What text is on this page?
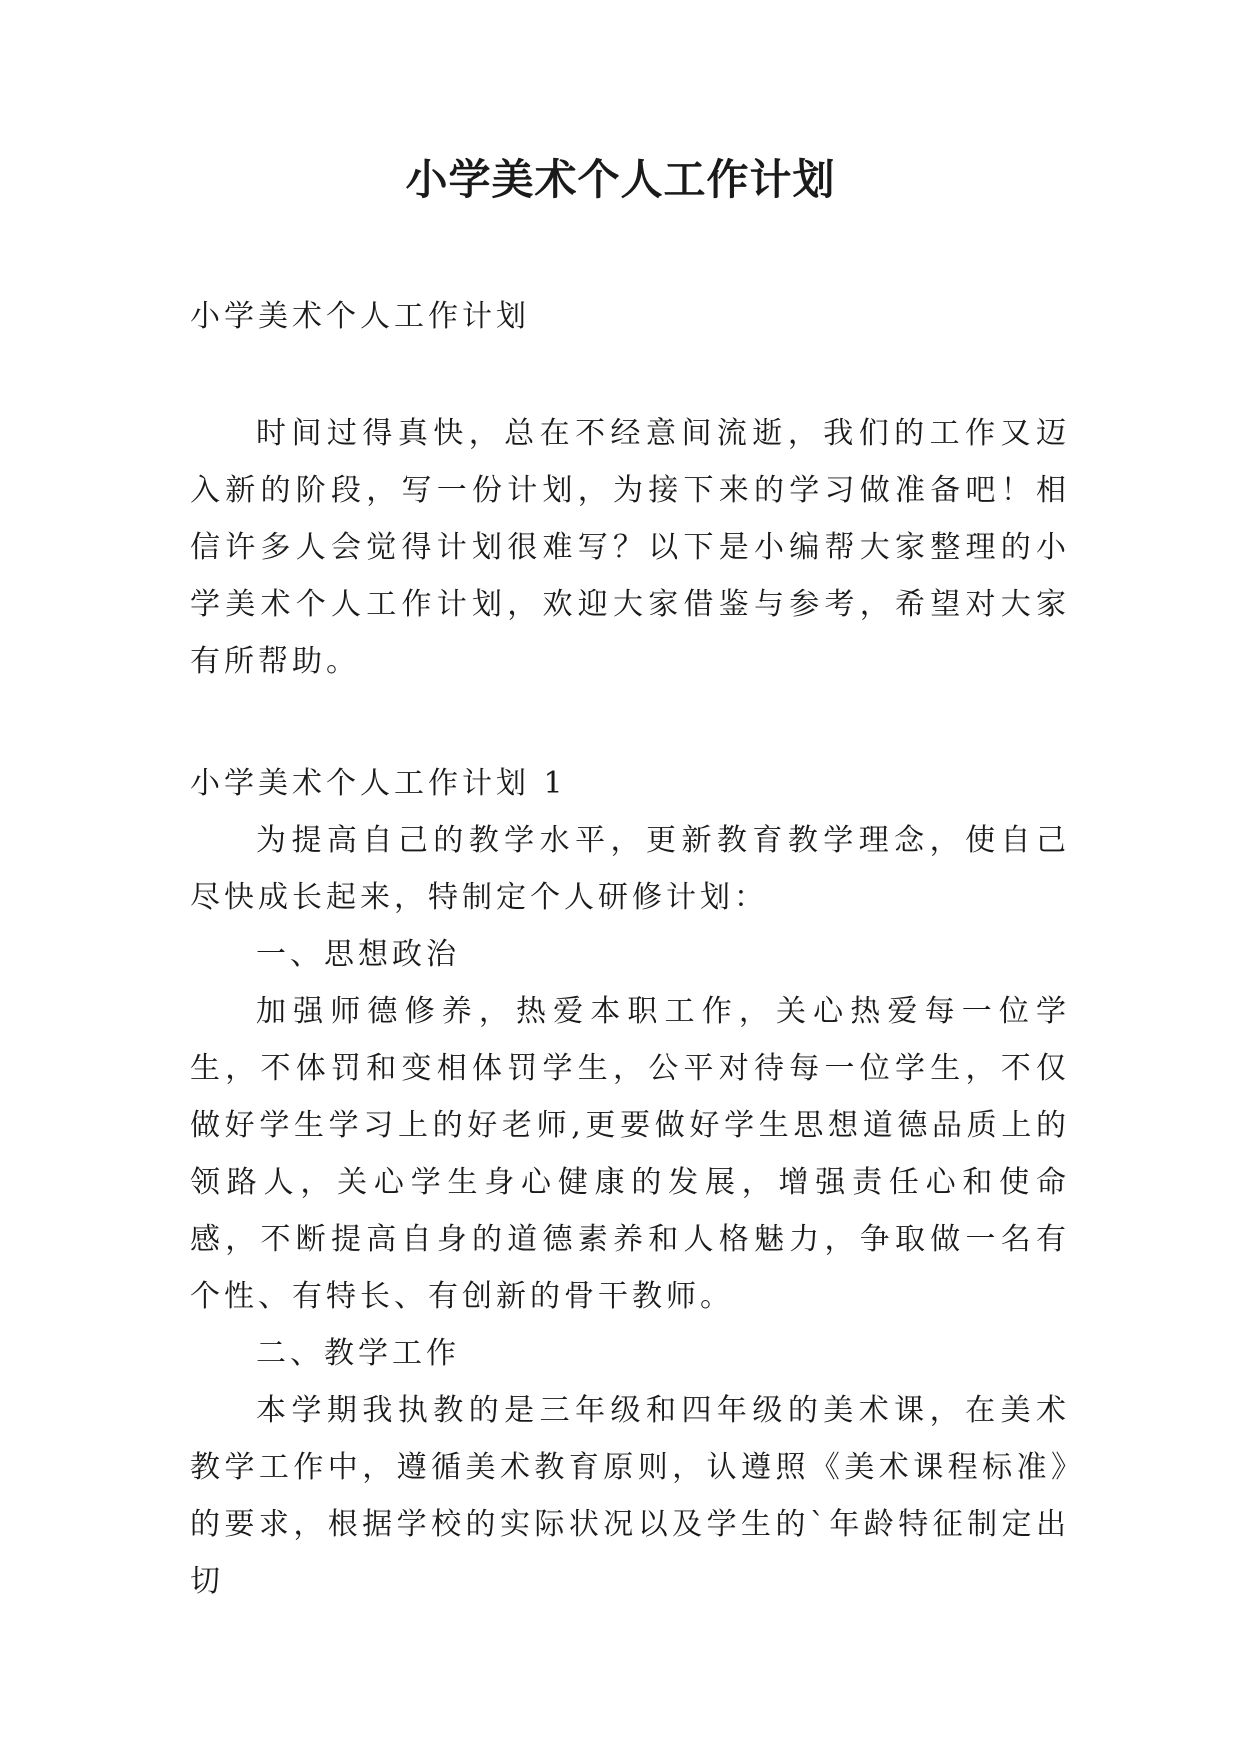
小学美术个人工作计划

小学美术个人工作计划

时间过得真快，总在不经意间流逝，我们的工作又迈入新的阶段，写一份计划，为接下来的学习做准备吧！相信许多人会觉得计划很难写？以下是小编帮大家整理的小学美术个人工作计划，欢迎大家借鉴与参考，希望对大家有所帮助。

小学美术个人工作计划 1

为提高自己的教学水平，更新教育教学理念，使自己尽快成长起来，特制定个人研修计划：

一、思想政治

加强师德修养，热爱本职工作，关心热爱每一位学生，不体罚和变相体罚学生，公平对待每一位学生，不仅做好学生学习上的好老师,更要做好学生思想道德品质上的领路人，关心学生身心健康的发展，增强责任心和使命感，不断提高自身的道德素养和人格魅力，争取做一名有个性、有特长、有创新的骨干教师。

二、教学工作

本学期我执教的是三年级和四年级的美术课，在美术教学工作中，遵循美术教育原则，认遵照《美术课程标准》的要求，根据学校的实际状况以及学生的`年龄特征制定出切
